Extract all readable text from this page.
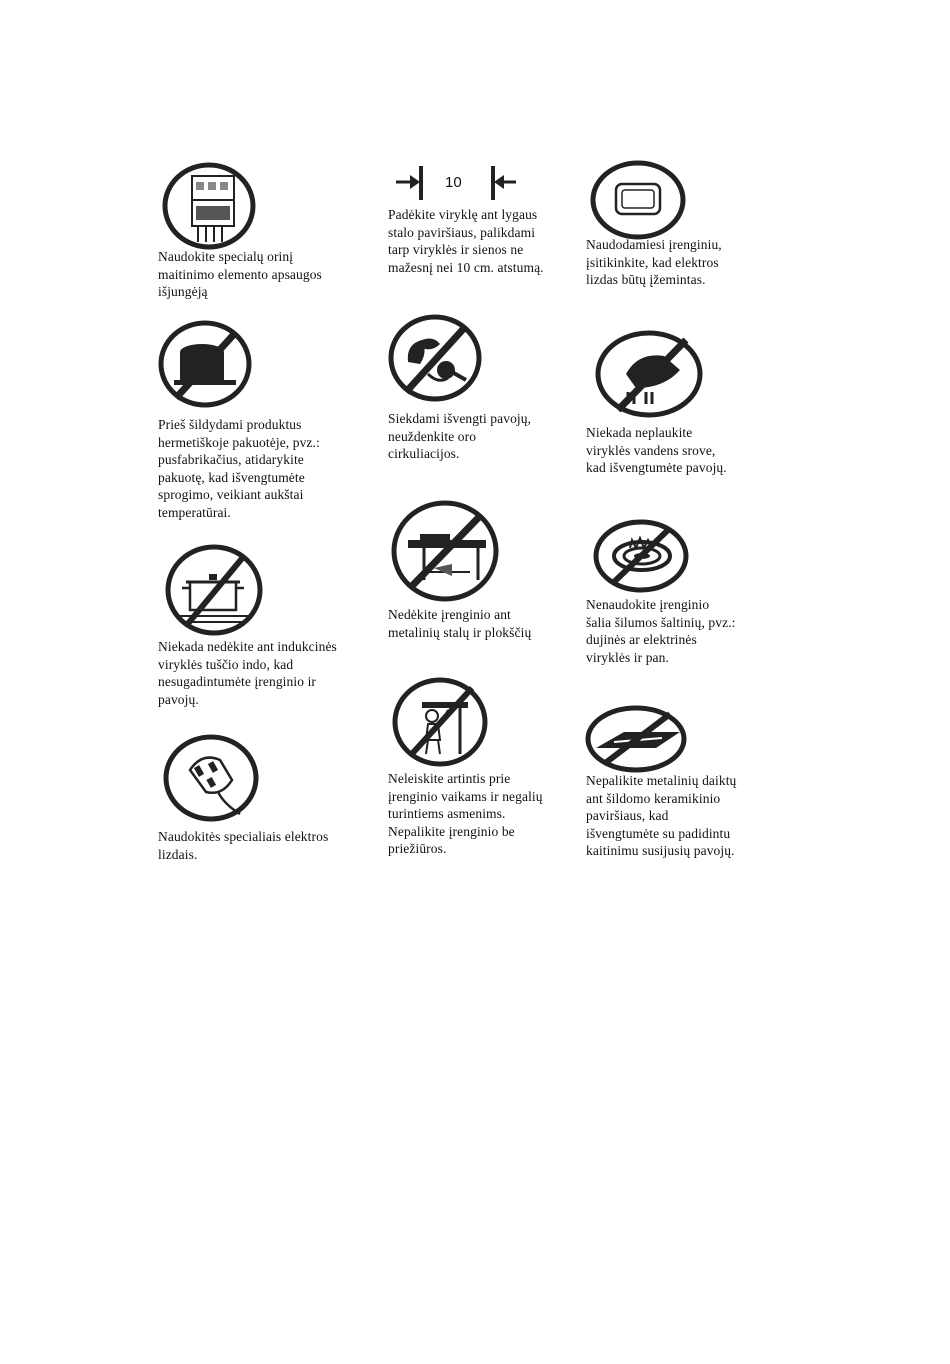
Naudokite specialų orinį
maitinimo elemento apsaugos
išjungėją
Prieš šildydami produktus
hermetiškoje pakuotėje, pvz.:
pusfabrikačius, atidarykite
pakuotę, kad išvengtumėte
sprogimo, veikiant aukštai
temperatūrai.
Niekada nedėkite ant indukcinės
viryklės tuščio indo, kad
nesugadintumėte įrenginio ir
pavojų.
Naudokitės specialiais elektros
lizdais.
10
Padėkite viryklę ant lygaus
stalo paviršiaus, palikdami
tarp viryklės ir sienos ne
mažesnį nei 10 cm. atstumą.
Siekdami išvengti pavojų,
neuždenkite oro
cirkuliacijos.
Nedėkite įrenginio ant
metalinių stalų ir plokščių
Neleiskite artintis prie
įrenginio vaikams ir negalių
turintiems asmenims.
Nepalikite įrenginio be
priežiūros.
Naudodamiesi įrenginiu,
įsitikinkite, kad elektros
lizdas būtų įžemintas.
Niekada neplaukite
viryklės vandens srove,
kad išvengtumėte pavojų.
Nenaudokite įrenginio
šalia šilumos šaltinių, pvz.:
dujinės ar elektrinės
viryklės ir pan.
Nepalikite metalinių daiktų
ant šildomo keramikinio
paviršiaus, kad
išvengtumėte su padidintu
kaitinimu susijusių pavojų.
